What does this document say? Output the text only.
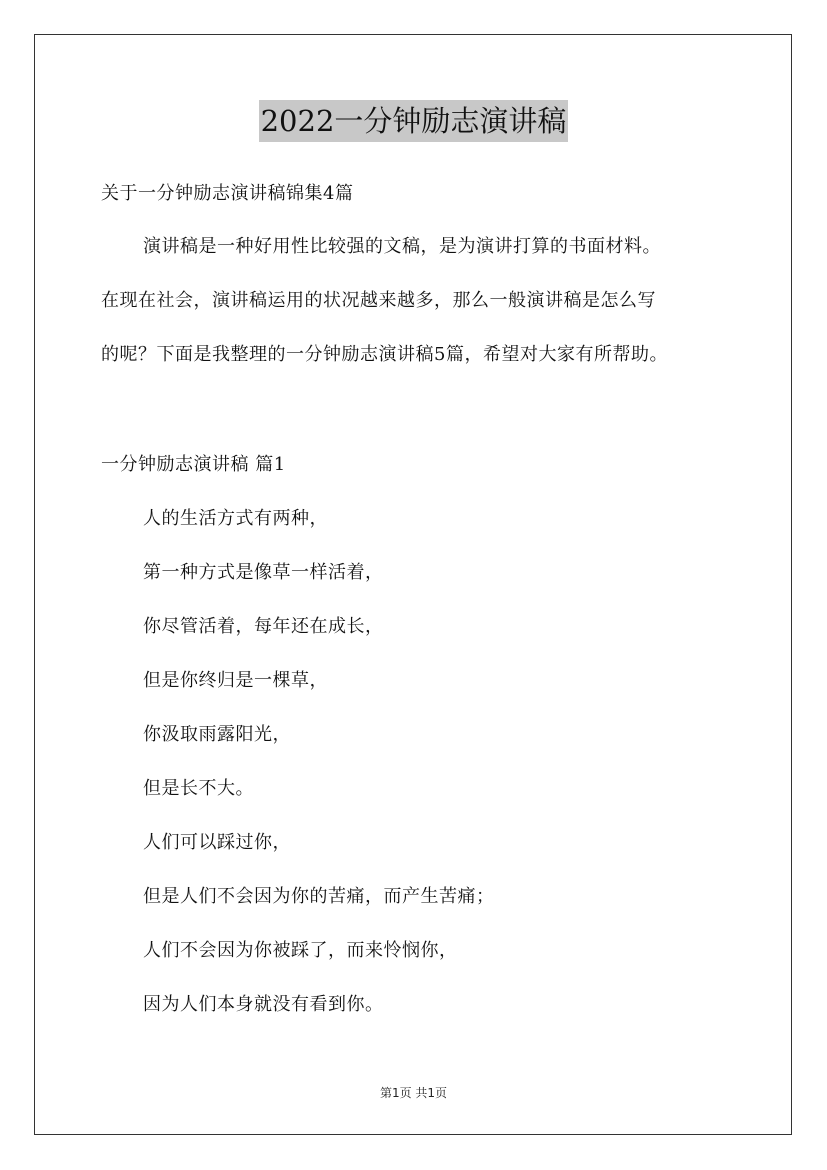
2022一分钟励志演讲稿
关于一分钟励志演讲稿锦集4篇
演讲稿是一种好用性比较强的文稿，是为演讲打算的书面材料。
在现在社会，演讲稿运用的状况越来越多，那么一般演讲稿是怎么写
的呢？下面是我整理的一分钟励志演讲稿5篇，希望对大家有所帮助。
一分钟励志演讲稿 篇1
人的生活方式有两种，
第一种方式是像草一样活着，
你尽管活着，每年还在成长，
但是你终归是一棵草，
你汲取雨露阳光，
但是长不大。
人们可以踩过你，
但是人们不会因为你的苦痛，而产生苦痛；
人们不会因为你被踩了，而来怜悯你，
因为人们本身就没有看到你。
第1页 共1页
